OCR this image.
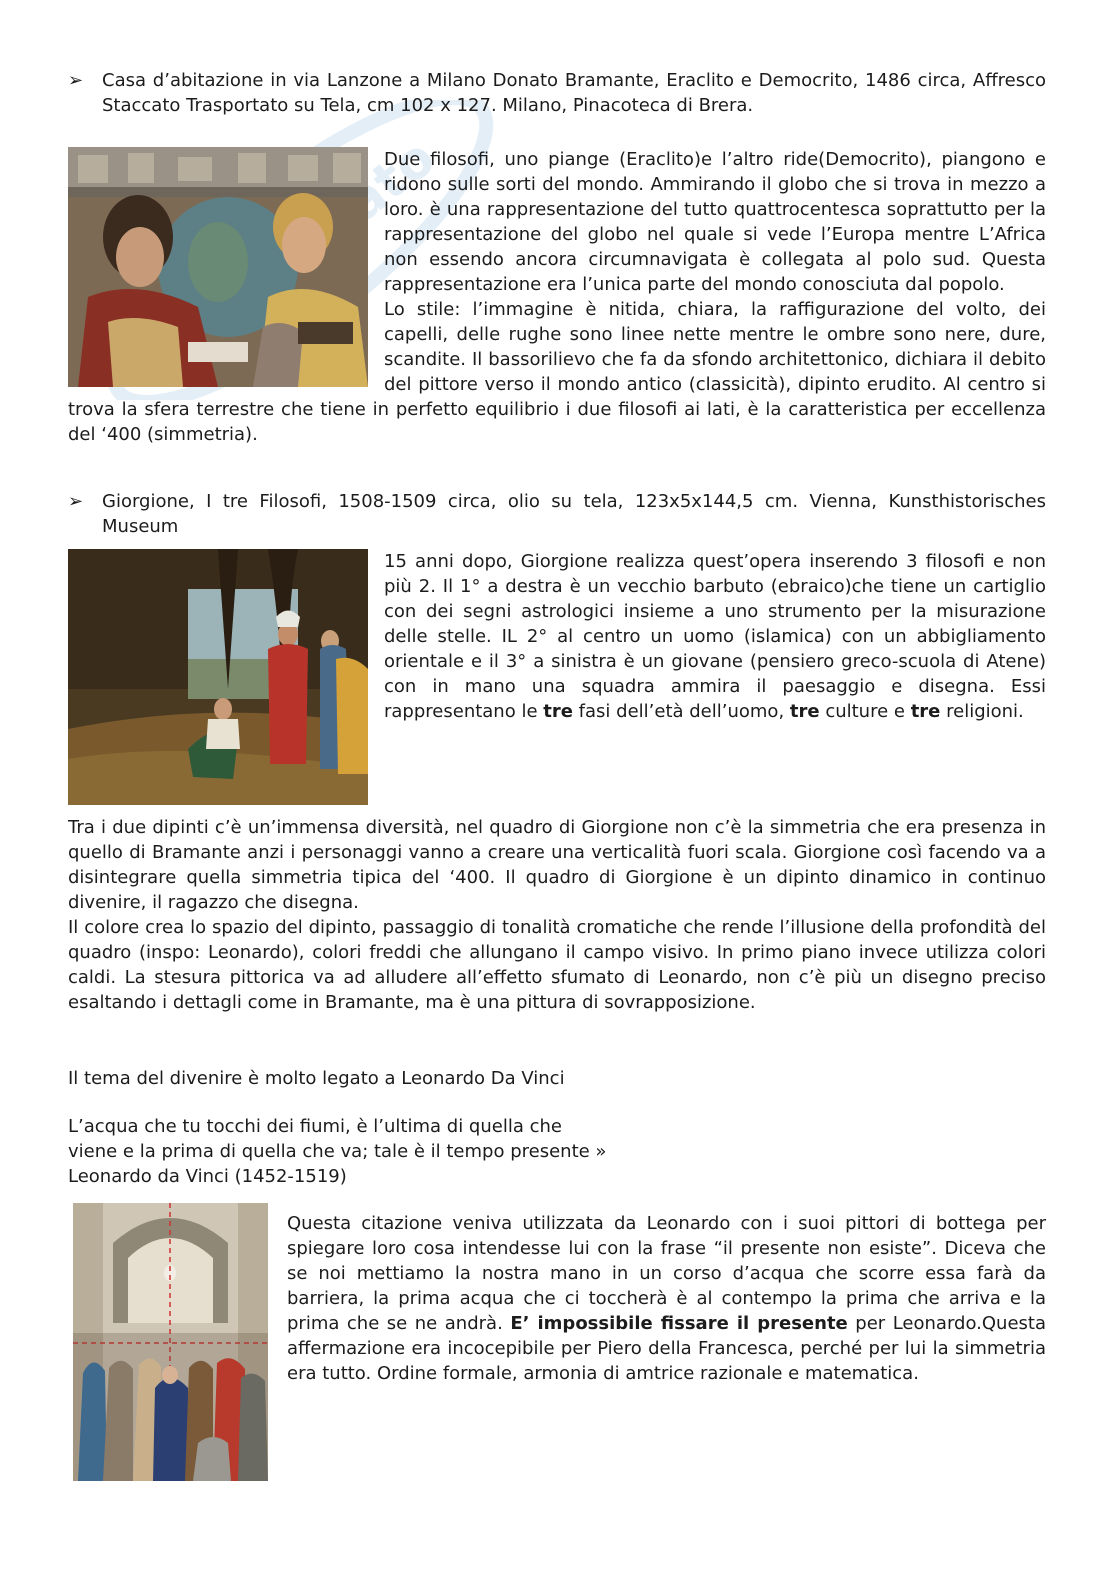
➢ Casa d’abitazione in via Lanzone a Milano Donato Bramante, Eraclito e Democrito, 1486 circa, Affresco Staccato Trasportato su Tela, cm 102 x 127. Milano, Pinacoteca di Brera.

Due filosofi, uno piange (Eraclito)e l’altro ride(Democrito), piangono e ridono sulle sorti del mondo. Ammirando il globo che si trova in mezzo a loro. è una rappresentazione del tutto quattrocentesca soprattutto per la rappresentazione del globo nel quale si vede l’Europa mentre L’Africa non essendo ancora circumnavigata è collegata al polo sud. Questa rappresentazione era l’unica parte del mondo conosciuta dal popolo.

Lo stile: l’immagine è nitida, chiara, la raffigurazione del volto, dei capelli, delle rughe sono linee nette mentre le ombre sono nere, dure, scandite. Il bassorilievo che fa da sfondo architettonico, dichiara il debito del pittore verso il mondo antico (classicità), dipinto erudito. Al centro si trova la sfera terrestre che tiene in perfetto equilibrio i due filosofi ai lati, è la caratteristica per eccellenza del ‘400 (simmetria).

➢ Giorgione, I tre Filosofi, 1508-1509 circa, olio su tela, 123x5x144,5 cm. Vienna, Kunsthistorisches Museum

15 anni dopo, Giorgione realizza quest’opera inserendo 3 filosofi e non più 2. Il 1° a destra è un vecchio barbuto (ebraico)che tiene un cartiglio con dei segni astrologici insieme a uno strumento per la misurazione delle stelle. IL 2° al centro un uomo (islamica) con un abbigliamento orientale e il 3° a sinistra è un giovane (pensiero greco-scuola di Atene) con in mano una squadra ammira il paesaggio e disegna. Essi rappresentano le tre fasi dell’età dell’uomo, tre culture e tre religioni.

Tra i due dipinti c’è un’immensa diversità, nel quadro di Giorgione non c’è la simmetria che era presenza in quello di Bramante anzi i personaggi vanno a creare una verticalità fuori scala. Giorgione così facendo va a disintegrare quella simmetria tipica del ‘400. Il quadro di Giorgione è un dipinto dinamico in continuo divenire, il ragazzo che disegna.

Il colore crea lo spazio del dipinto, passaggio di tonalità cromatiche che rende l’illusione della profondità del quadro (inspo: Leonardo), colori freddi che allungano il campo visivo. In primo piano invece utilizza colori caldi. La stesura pittorica va ad alludere all’effetto sfumato di Leonardo, non c’è più un disegno preciso esaltando i dettagli come in Bramante, ma è una pittura di sovrapposizione.

Il tema del divenire è molto legato a Leonardo Da Vinci

L’acqua che tu tocchi dei fiumi, è l’ultima di quella che

viene e la prima di quella che va; tale è il tempo presente »

Leonardo da Vinci (1452-1519)

Questa citazione veniva utilizzata da Leonardo con i suoi pittori di bottega per spiegare loro cosa intendesse lui con la frase “il presente non esiste”. Diceva che se noi mettiamo la nostra mano in un corso d’acqua che scorre essa farà da barriera, la prima acqua che ci toccherà è al contempo la prima che arriva e la prima che se ne andrà. E’ impossibile fissare il presente per Leonardo.Questa affermazione era incocepibile per Piero della Francesca, perché per lui la simmetria era tutto. Ordine formale, armonia di amtrice razionale e matematica.
